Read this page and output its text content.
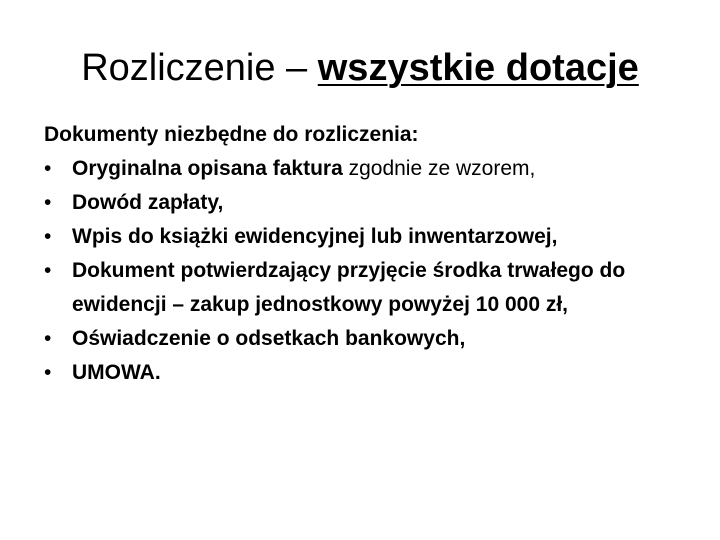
Rozliczenie – wszystkie dotacje
Dokumenty niezbędne do rozliczenia:
• Oryginalna opisana faktura zgodnie ze wzorem,
• Dowód zapłaty,
• Wpis do książki ewidencyjnej lub inwentarzowej,
• Dokument potwierdzający przyjęcie środka trwałego do ewidencji – zakup jednostkowy powyżej 10 000 zł,
• Oświadczenie o odsetkach bankowych,
• UMOWA.
